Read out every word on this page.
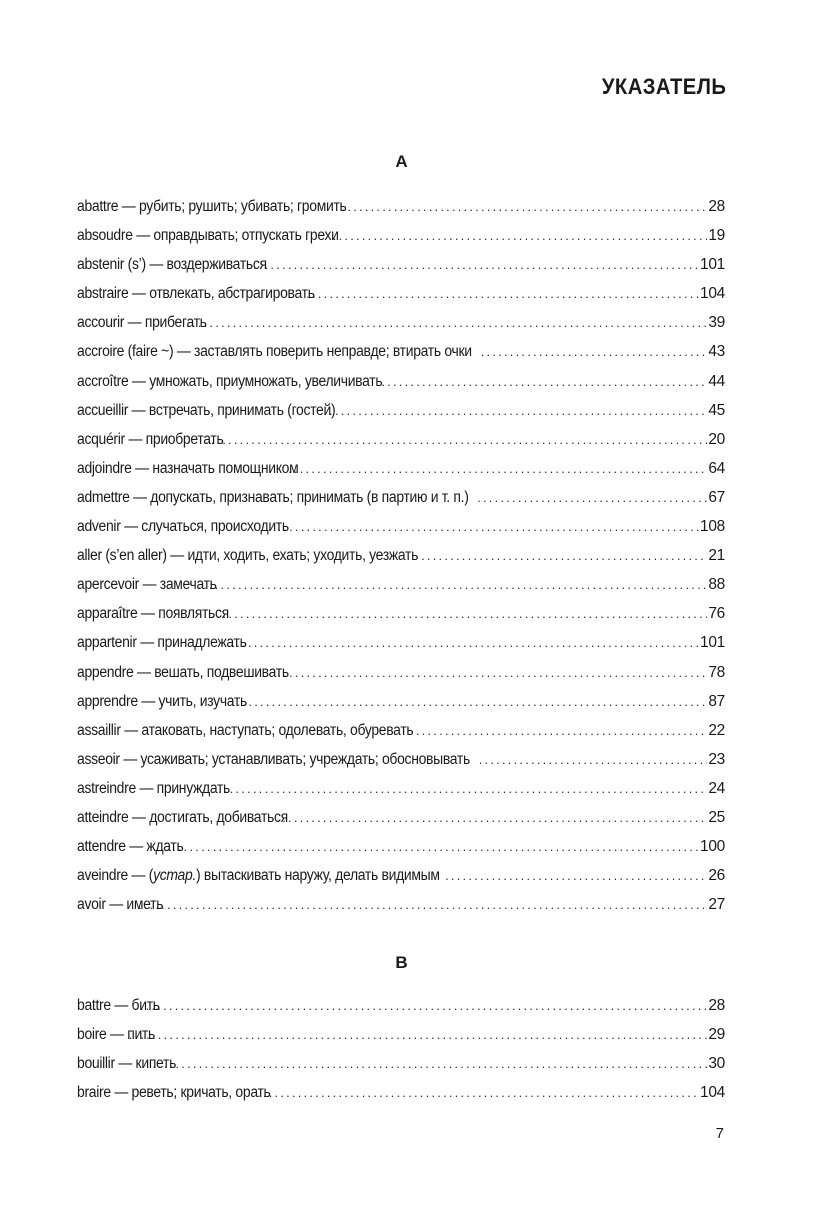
УКАЗАТЕЛЬ
A
abattre — рубить; рушить; убивать; громить .....	28
absoudre — оправдывать; отпускать грехи .....	19
abstenir (s’) — воздерживаться .....	101
abstraire — отвлекать, абстрагировать .....	104
accourir — прибегать .....	39
accroire (faire ~) — заставлять поверить неправде; втирать очки .....	43
accroître — умножать, приумножать, увеличивать .....	44
accueillir — встречать, принимать (гостей) .....	45
acquérir — приобретать .....	20
adjoindre — назначать помощником .....	64
admettre — допускать, признавать; принимать (в партию и т. п.) .....	67
advenir — случаться, происходить .....	108
aller (s’en aller) — идти, ходить, ехать; уходить, уезжать .....	21
apercevoir — замечать .....	88
apparaître — появляться .....	76
appartenir — принадлежать .....	101
appendre — вешать, подвешивать .....	78
apprendre — учить, изучать .....	87
assaillir — атаковать, наступать; одолевать, обуревать .....	22
asseoir — усаживать; устанавливать; учреждать; обосновывать .....	23
astreindre — принуждать .....	24
atteindre — достигать, добиваться .....	25
attendre — ждать .....	100
aveindre — (устар.) вытаскивать наружу, делать видимым .....	26
avoir — иметь .....	27
B
battre — бить .....	28
boire — пить .....	29
bouillir — кипеть .....	30
braire — реветь; кричать, орать .....	104
7
